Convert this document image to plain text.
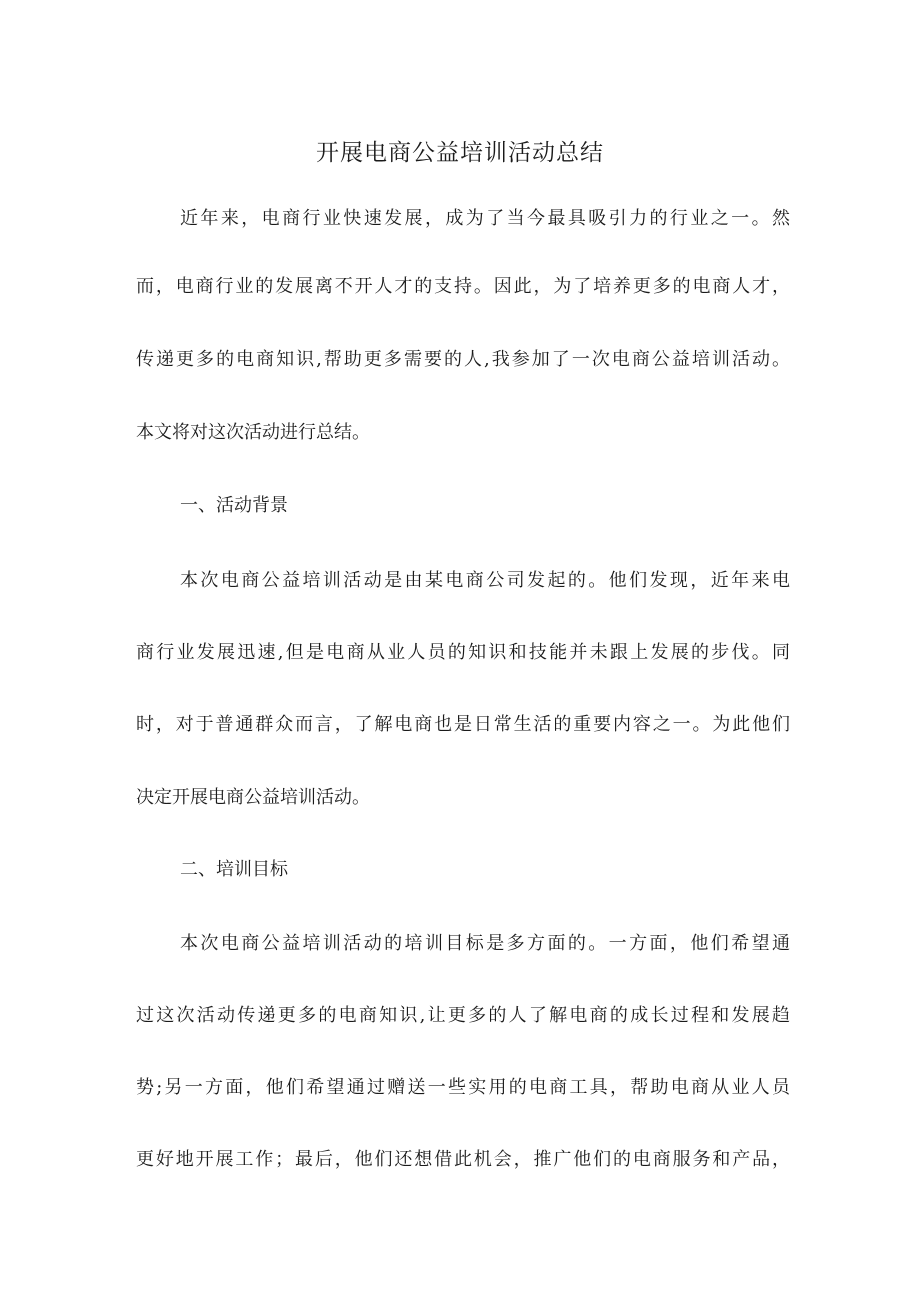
开展电商公益培训活动总结

近年来，电商行业快速发展，成为了当今最具吸引力的行业之一。然

而，电商行业的发展离不开人才的支持。因此，为了培养更多的电商人才，

传递更多的电商知识,帮助更多需要的人,我参加了一次电商公益培训活动。

本文将对这次活动进行总结。

一、活动背景

本次电商公益培训活动是由某电商公司发起的。他们发现，近年来电

商行业发展迅速,但是电商从业人员的知识和技能并未跟上发展的步伐。同

时，对于普通群众而言，了解电商也是日常生活的重要内容之一。为此他们

决定开展电商公益培训活动。

二、培训目标

本次电商公益培训活动的培训目标是多方面的。一方面，他们希望通

过这次活动传递更多的电商知识,让更多的人了解电商的成长过程和发展趋

势;另一方面，他们希望通过赠送一些实用的电商工具，帮助电商从业人员

更好地开展工作；最后，他们还想借此机会，推广他们的电商服务和产品，
